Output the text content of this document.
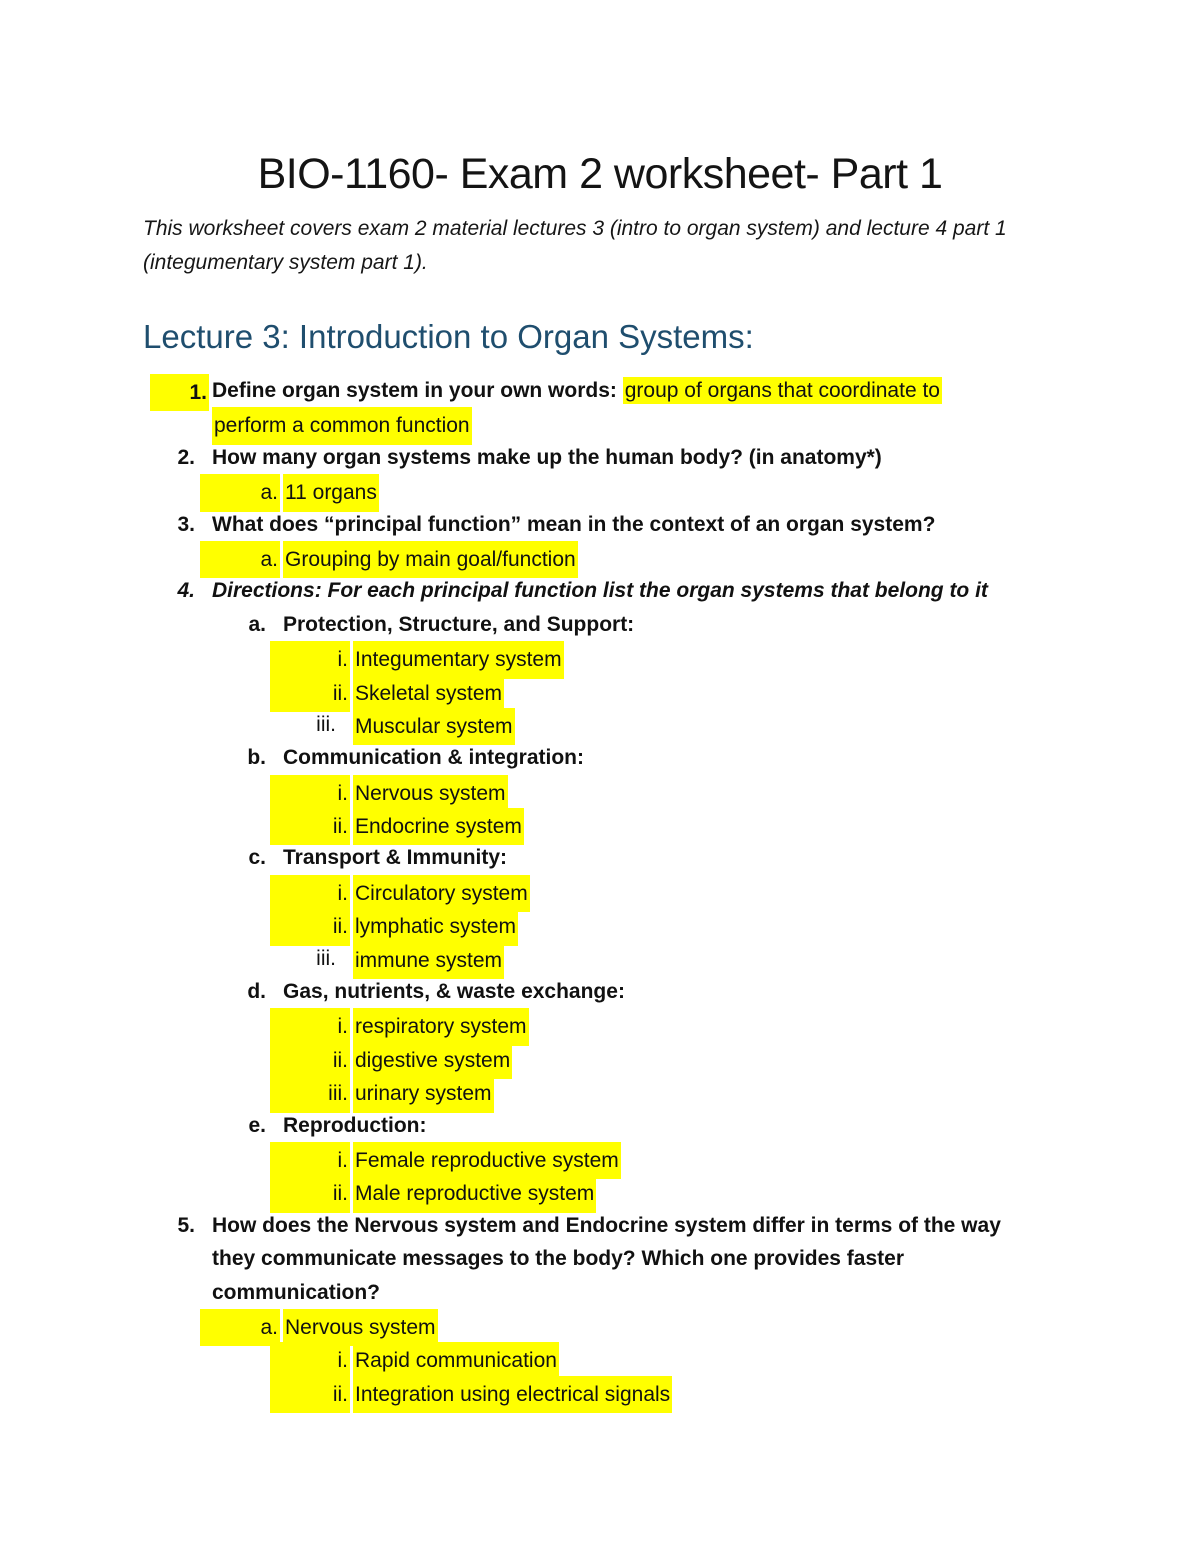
BIO-1160- Exam 2 worksheet- Part 1

This worksheet covers exam 2 material lectures 3 (intro to organ system) and lecture 4 part 1 (integumentary system part 1).

Lecture 3: Introduction to Organ Systems:
1. Define organ system in your own words: group of organs that coordinate to
perform a common function
2. How many organ systems make up the human body? (in anatomy*)
a. 11 organs
3. What does “principal function” mean in the context of an organ system?
a. Grouping by main goal/function
4. Directions: For each principal function list the organ systems that belong to it
a. Protection, Structure, and Support:
i. Integumentary system
ii. Skeletal system
iii. Muscular system
b. Communication & integration:
i. Nervous system
ii. Endocrine system
c. Transport & Immunity:
i. Circulatory system
ii. lymphatic system
iii. immune system
d. Gas, nutrients, & waste exchange:
i. respiratory system
ii. digestive system
iii. urinary system
e. Reproduction:
i. Female reproductive system
ii. Male reproductive system
5. How does the Nervous system and Endocrine system differ in terms of the way
they communicate messages to the body? Which one provides faster
communication?
a. Nervous system
i. Rapid communication
ii. Integration using electrical signals
